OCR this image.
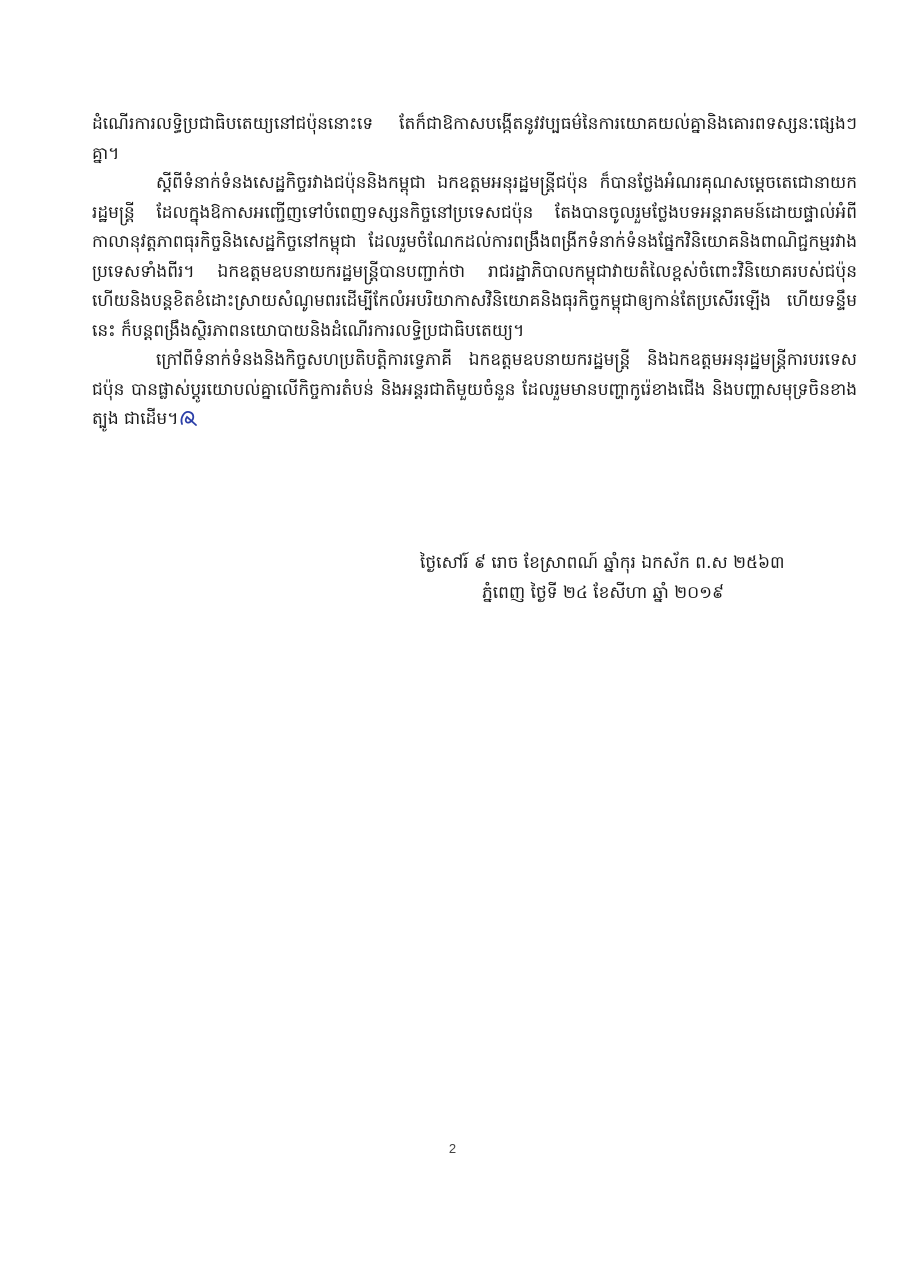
ដំណើរការលទ្ធិប្រជាធិបតេយ្យនៅជប៉ុននោះទេ តែក៏ជាឱកាសបង្កើតនូវវប្បធម៌នៃការយោគយល់គ្នានិងគោរពទស្សនៈផ្សេងៗគ្នា។

ស្តីពីទំនាក់ទំនងសេដ្ឋកិច្ចរវាងជប៉ុននិងកម្ពុជា ឯកឧត្តមអនុរដ្ឋមន្ត្រីជប៉ុន ក៏បានថ្លែងអំណរគុណសម្តេចតេជោនាយករដ្ឋមន្ត្រី ដែលក្នុងឱកាសអញ្ជើញទៅបំពេញទស្សនកិច្ចនៅប្រទេសជប៉ុន តែងបានចូលរួមថ្លែងបទអន្តរាគមន៍ដោយផ្ទាល់អំពីកាលានុវត្តភាពធុរកិច្ចនិងសេដ្ឋកិច្ចនៅកម្ពុជា ដែលរួមចំណែកដល់ការពង្រឹងពង្រីកទំនាក់ទំនងផ្នែកវិនិយោគនិងពាណិជ្ជកម្មរវាងប្រទេសទាំងពីរ។ ឯកឧត្តមឧបនាយករដ្ឋមន្ត្រីបានបញ្ជាក់ថា រាជរដ្ឋាភិបាលកម្ពុជាវាយតំលៃខ្ពស់ចំពោះវិនិយោគរបស់ជប៉ុន ហើយនិងបន្តខិតខំដោះស្រាយសំណូមពរដើម្បីកែលំអបរិយាកាសវិនិយោគនិងធុរកិច្ចកម្ពុជាឲ្យកាន់តែប្រសើរឡើង ហើយទន្ទឹមនេះ ក៏បន្តពង្រឹងស្ថិរភាពនយោបាយនិងដំណើរការលទ្ធិប្រជាធិបតេយ្យ។

ក្រៅពីទំនាក់ទំនងនិងកិច្ចសហប្រតិបត្តិការទ្វេភាគី ឯកឧត្តមឧបនាយករដ្ឋមន្ត្រី និងឯកឧត្តមអនុរដ្ឋមន្ត្រីការបរទេសជប៉ុន បានផ្លាស់ប្តូរយោបល់គ្នាលើកិច្ចការតំបន់ និងអន្តរជាតិមួយចំនួន ដែលរួមមានបញ្ហាកូរ៉េខាងជើង និងបញ្ហាសមុទ្រចិនខាងត្បូង ជាដើម។

ថ្ងៃសៅរ៍ ៩ រោច ខែស្រាពណ៍ ឆ្នាំកុរ ឯកស័ក ព.ស ២៥៦៣
ភ្នំពេញ ថ្ងៃទី ២៤ ខែសីហា ឆ្នាំ ២០១៩
2
